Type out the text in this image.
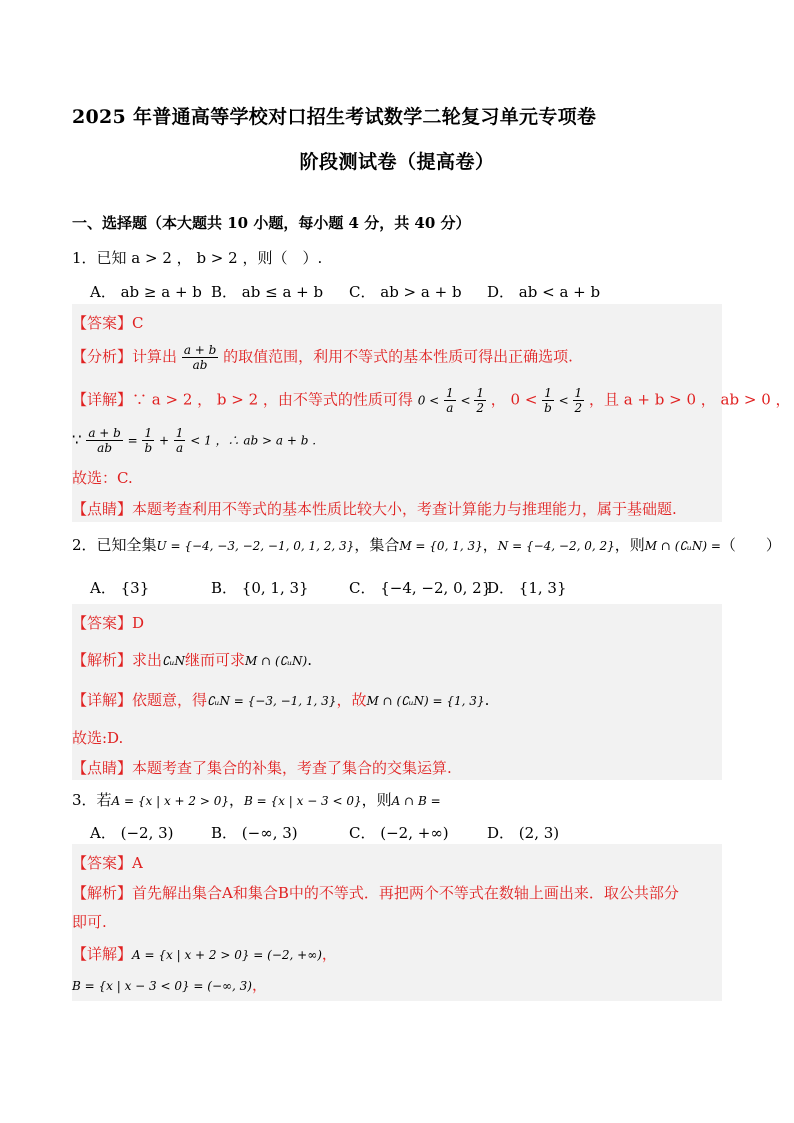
2025 年普通高等学校对口招生考试数学二轮复习单元专项卷
阶段测试卷（提高卷）
一、选择题（本大题共 10 小题，每小题 4 分，共 40 分）
1．已知 a > 2 ， b > 2 ，则（　）.
A． ab ≥ a + b B． ab ≤ a + b C． ab > a + b D． ab < a + b
【答案】C
【分析】计算出 $\frac{a + b}{ab}$ 的取值范围，利用不等式的基本性质可得出正确选项.
【详解】∵ a > 2 ， b > 2 ，由不等式的性质可得 $0 < \frac{1}{a} < \frac{1}{2}$ ， $0 < \frac{1}{b} < \frac{1}{2}$ ，且 a + b > 0 ， ab > 0 ，
∵ $\frac{a + b}{ab} = \frac{1}{b} + \frac{1}{a} < 1$ ，∴ ab > a + b .
故选：C.
【点睛】本题考查利用不等式的基本性质比较大小，考查计算能力与推理能力，属于基础题.
2．已知全集U = {−4, −3, −2, −1, 0, 1, 2, 3}，集合M = {0, 1, 3}，N = {−4, −2, 0, 2}，则M ∩ (∁ᵤN) =（　　）
A． {3}	B． {0, 1, 3}	C． {−4, −2, 0, 2}
D． {1, 3}
【答案】D
【解析】求出∁ᵤN继而可求M ∩ (∁ᵤN).
【详解】依题意，得∁ᵤN = {−3, −1, 1, 3}，故M ∩ (∁ᵤN) = {1, 3}.
故选:D.
【点睛】本题考查了集合的补集，考查了集合的交集运算.
3．若A = {x | x + 2 > 0}，B = {x | x − 3 < 0}，则A ∩ B =
A． (−2, 3)	B． (−∞, 3)	C． (−2, +∞)	D． (2, 3)
【答案】A
【解析】首先解出集合A和集合B中的不等式．再把两个不等式在数轴上画出来．取公共部分
即可.
【详解】A = {x | x + 2 > 0} = (−2, +∞)，
B = {x | x − 3 < 0} = (−∞, 3)，
